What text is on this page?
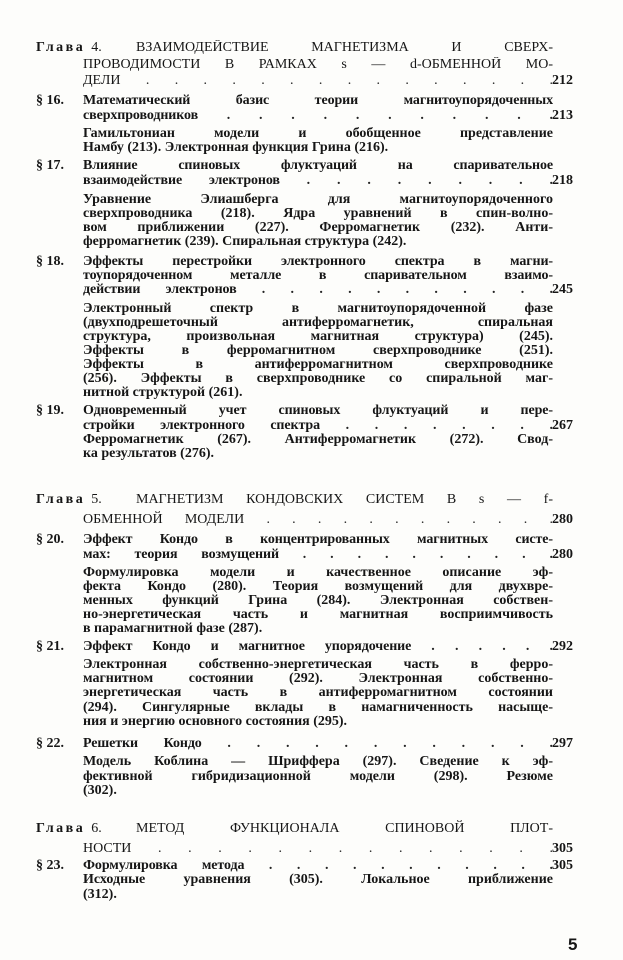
Глава 4. ВЗАИМОДЕЙСТВИЕ МАГНЕТИЗМА И СВЕРХ-
ПРОВОДИМОСТИ В РАМКАХ s — d-ОБМЕННОЙ МО-
ДЕЛИ . . . . . . . . . . . . . . .
212
§ 16. Математический базис теории магнитоупорядоченных
сверхпроводников . . . . . . . . . . .
213
Гамильтониан модели и обобщенное представление
Намбу (213). Электронная функция Грина (216).
§ 17. Влияние спиновых флуктуаций на спаривательное
взаимодействие электронов . . . . . . . . .
218
Уравнение Элиашберга для магнитоупорядоченного
сверхпроводника (218). Ядра уравнений в спин-волно-
вом приближении (227). Ферромагнетик (232). Анти-
ферромагнетик (239). Спиральная структура (242).
§ 18. Эффекты перестройки электронного спектра в магни-
тоупорядоченном металле в спаривательном взаимо-
действии электронов . . . . . . . . . . .
245
Электронный спектр в магнитоупорядоченной фазе
(двухподрешеточный антиферромагнетик, спиральная
структура, произвольная магнитная структура) (245).
Эффекты в ферромагнитном сверхпроводнике (251).
Эффекты в антиферромагнитном сверхпроводнике
(256). Эффекты в сверхпроводнике со спиральной маг-
нитной структурой (261).
§ 19. Одновременный учет спиновых флуктуаций и пере-
стройки электронного спектра . . . . . . . .
267
Ферромагнетик (267). Антиферромагнетик (272). Свод-
ка результатов (276).
Глава 5. МАГНЕТИЗМ КОНДОВСКИХ СИСТЕМ В s — f-
ОБМЕННОЙ МОДЕЛИ . . . . . . . . . . . .
280
§ 20. Эффект Кондо в концентрированных магнитных систе-
мах: теория возмущений . . . . . . . . . .
280
Формулировка модели и качественное описание эф-
фекта Кондо (280). Теория возмущений для двухвре-
менных функций Грина (284). Электронная собствен-
но-энергетическая часть и магнитная восприимчивость
в парамагнитной фазе (287).
§ 21. Эффект Кондо и магнитное упорядочение . . . . . . 292
Электронная собственно-энергетическая часть в ферро-
магнитном состоянии (292). Электронная собственно-
энергетическая часть в антиферромагнитном состоянии
(294). Сингулярные вклады в намагниченность насыще-
ния и энергию основного состояния (295).
§ 22. Решетки Кондо . . . . . . . . . . . . 297
Модель Коблина — Шриффера (297). Сведение к эф-
фективной гибридизационной модели (298). Резюме
(302).
Глава 6. МЕТОД ФУНКЦИОНАЛА СПИНОВОЙ ПЛОТ-
НОСТИ . . . . . . . . . . . . . .
305
§ 23. Формулировка метода . . . . . . . . . . .
305
Исходные уравнения (305). Локальное приближение
(312).
5
